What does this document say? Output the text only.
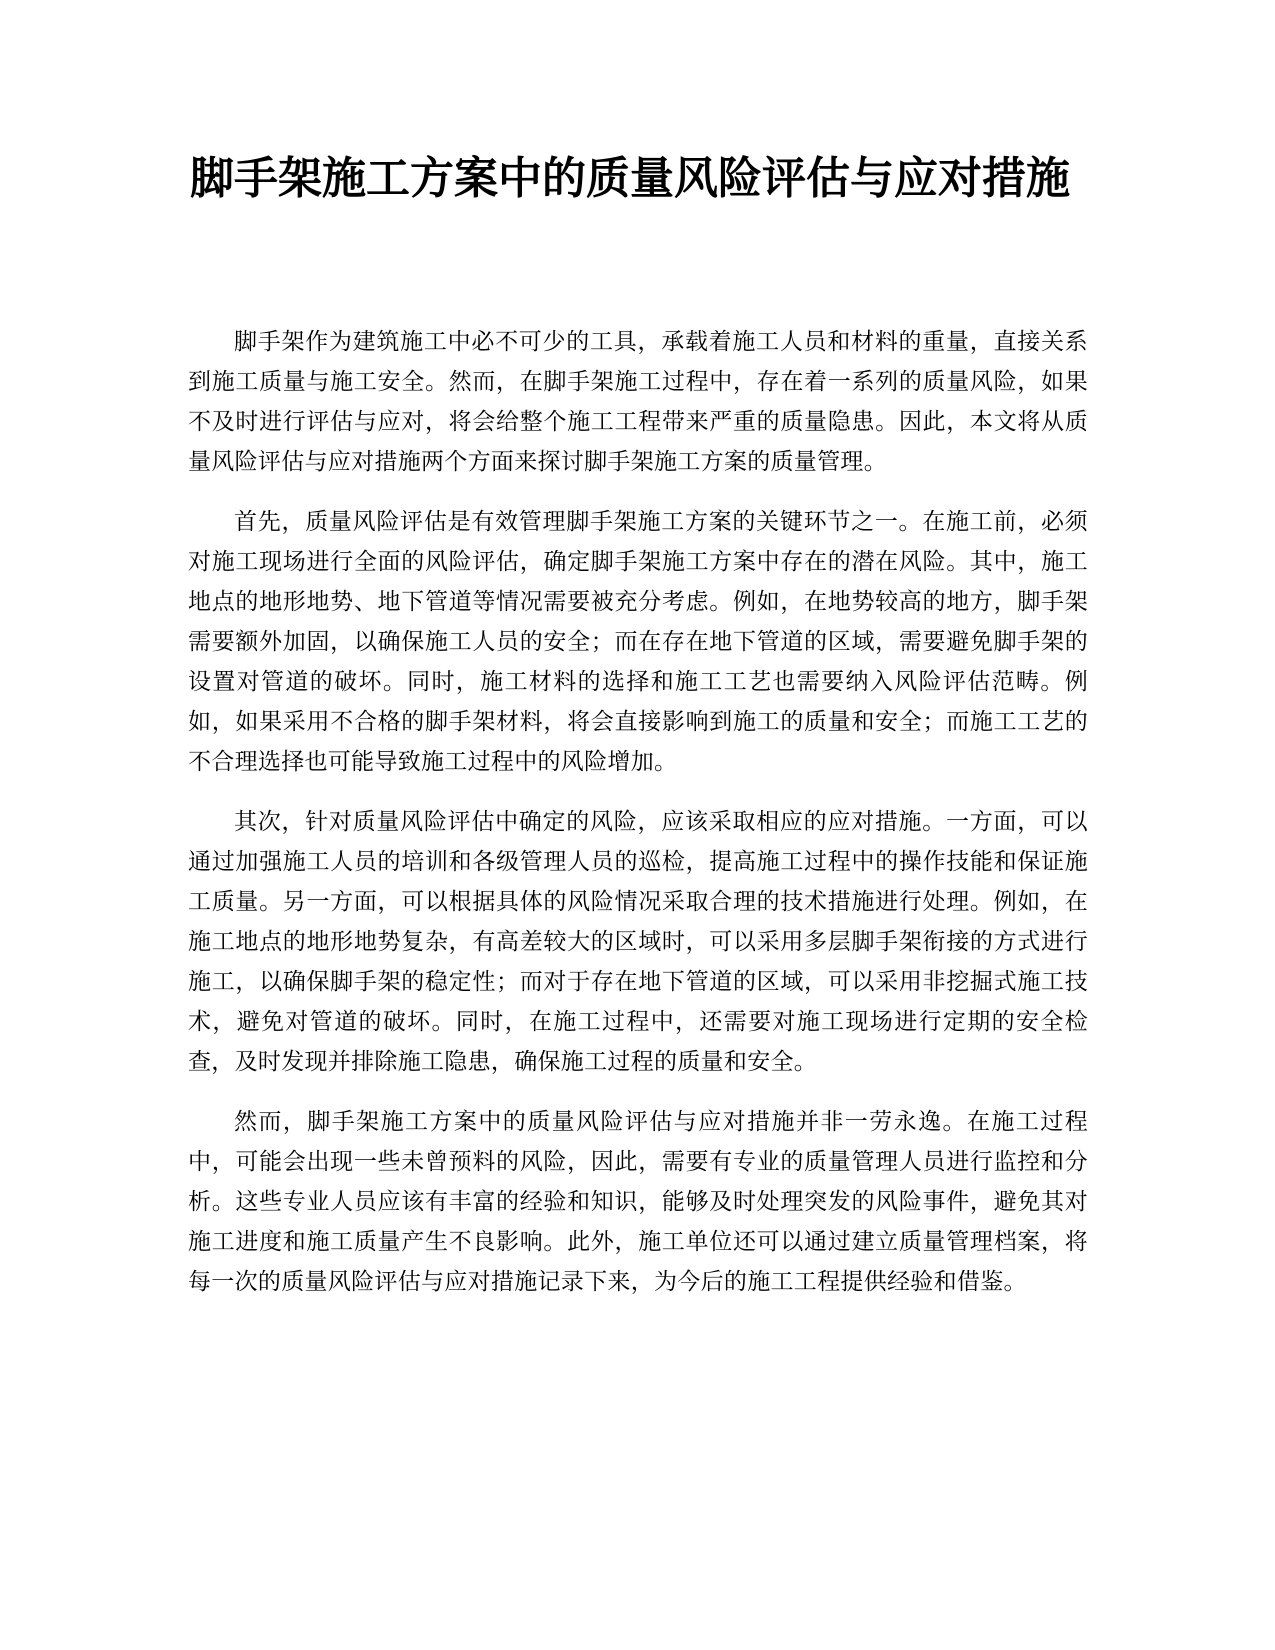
脚手架施工方案中的质量风险评估与应对措施

脚手架作为建筑施工中必不可少的工具，承载着施工人员和材料的重量，直接关系到施工质量与施工安全。然而，在脚手架施工过程中，存在着一系列的质量风险，如果不及时进行评估与应对，将会给整个施工工程带来严重的质量隐患。因此，本文将从质量风险评估与应对措施两个方面来探讨脚手架施工方案的质量管理。

首先，质量风险评估是有效管理脚手架施工方案的关键环节之一。在施工前，必须对施工现场进行全面的风险评估，确定脚手架施工方案中存在的潜在风险。其中，施工地点的地形地势、地下管道等情况需要被充分考虑。例如，在地势较高的地方，脚手架需要额外加固，以确保施工人员的安全；而在存在地下管道的区域，需要避免脚手架的设置对管道的破坏。同时，施工材料的选择和施工工艺也需要纳入风险评估范畴。例如，如果采用不合格的脚手架材料，将会直接影响到施工的质量和安全；而施工工艺的不合理选择也可能导致施工过程中的风险增加。

其次，针对质量风险评估中确定的风险，应该采取相应的应对措施。一方面，可以通过加强施工人员的培训和各级管理人员的巡检，提高施工过程中的操作技能和保证施工质量。另一方面，可以根据具体的风险情况采取合理的技术措施进行处理。例如，在施工地点的地形地势复杂，有高差较大的区域时，可以采用多层脚手架衔接的方式进行施工，以确保脚手架的稳定性；而对于存在地下管道的区域，可以采用非挖掘式施工技术，避免对管道的破坏。同时，在施工过程中，还需要对施工现场进行定期的安全检查，及时发现并排除施工隐患，确保施工过程的质量和安全。

然而，脚手架施工方案中的质量风险评估与应对措施并非一劳永逸。在施工过程中，可能会出现一些未曾预料的风险，因此，需要有专业的质量管理人员进行监控和分析。这些专业人员应该有丰富的经验和知识，能够及时处理突发的风险事件，避免其对施工进度和施工质量产生不良影响。此外，施工单位还可以通过建立质量管理档案，将每一次的质量风险评估与应对措施记录下来，为今后的施工工程提供经验和借鉴。
